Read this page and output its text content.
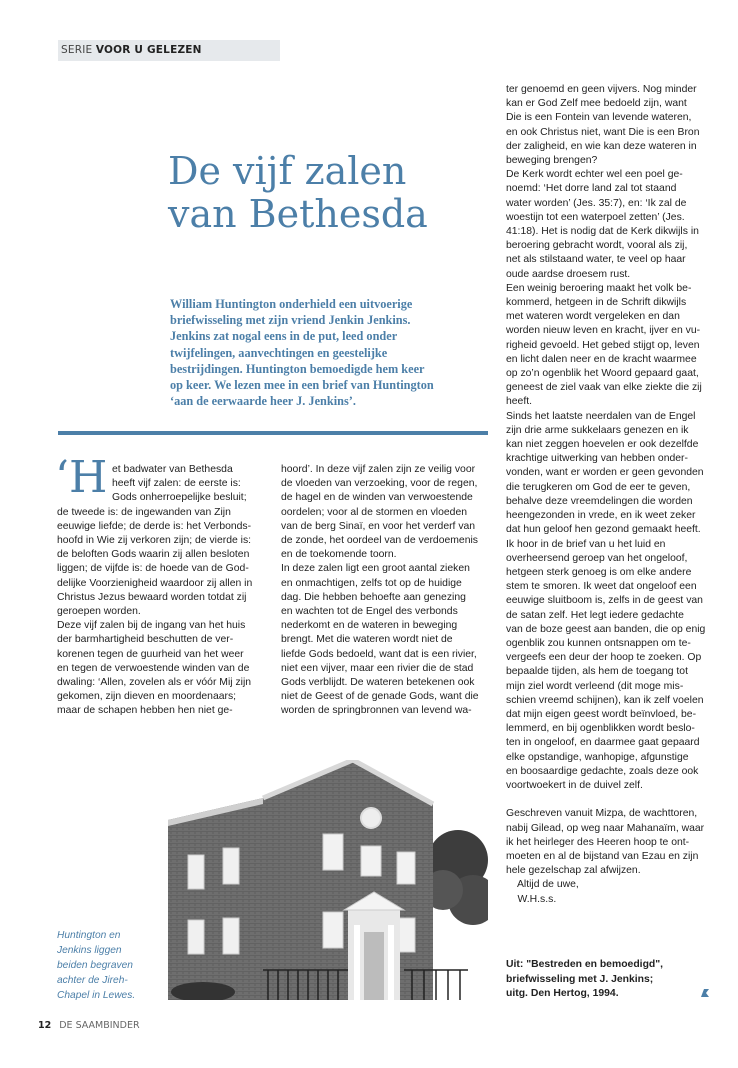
SERIE VOOR U GELEZEN
De vijf zalen
van Bethesda
William Huntington onderhield een uitvoerige
briefwisseling met zijn vriend Jenkin Jenkins.
Jenkins zat nogal eens in de put, leed onder
twijfelingen, aanvechtingen en geestelijke
bestrijdingen. Huntington bemoedigde hem keer
op keer. We lezen mee in een brief van Huntington
‘aan de eerwaarde heer J. Jenkins’.
‘H et badwater van Bethesda
heeft vijf zalen: de eerste is:
Gods onherroepelijke besluit;
de tweede is: de ingewanden van Zijn
eeuwige liefde; de derde is: het Verbonds-
hoofd in Wie zij verkoren zijn; de vierde is:
de beloften Gods waarin zij allen besloten
liggen; de vijfde is: de hoede van de God-
delijke Voorzienigheid waardoor zij allen in
Christus Jezus bewaard worden totdat zij
geroepen worden.
Deze vijf zalen bij de ingang van het huis
der barmhartigheid beschutten de ver-
korenen tegen de guurheid van het weer
en tegen de verwoestende winden van de
dwaling: ‘Allen, zovelen als er vóór Mij zijn
gekomen, zijn dieven en moordenaars;
maar de schapen hebben hen niet ge-
hoord’. In deze vijf zalen zijn ze veilig voor
de vloeden van verzoeking, voor de regen,
de hagel en de winden van verwoestende
oordelen; voor al de stormen en vloeden
van de berg Sinaï, en voor het verderf van
de zonde, het oordeel van de verdoemenis
en de toekomende toorn.
In deze zalen ligt een groot aantal zieken
en onmachtigen, zelfs tot op de huidige
dag. Die hebben behoefte aan genezing
en wachten tot de Engel des verbonds
nederkomt en de wateren in beweging
brengt. Met die wateren wordt niet de
liefde Gods bedoeld, want dat is een rivier,
niet een vijver, maar een rivier die de stad
Gods verblijdt. De wateren betekenen ook
niet de Geest of de genade Gods, want die
worden de springbronnen van levend wa-
ter genoemd en geen vijvers. Nog minder
kan er God Zelf mee bedoeld zijn, want
Die is een Fontein van levende wateren,
en ook Christus niet, want Die is een Bron
der zaligheid, en wie kan deze wateren in
beweging brengen?
De Kerk wordt echter wel een poel ge-
noemd: ‘Het dorre land zal tot staand
water worden’ (Jes. 35:7), en: ‘Ik zal de
woestijn tot een waterpoel zetten’ (Jes.
41:18). Het is nodig dat de Kerk dikwijls in
beroering gebracht wordt, vooral als zij,
net als stilstaand water, te veel op haar
oude aardse droesem rust.
Een weinig beroering maakt het volk be-
kommerd, hetgeen in de Schrift dikwijls
met wateren wordt vergeleken en dan
worden nieuw leven en kracht, ijver en vu-
righeid gevoeld. Het gebed stijgt op, leven
en licht dalen neer en de kracht waarmee
op zo’n ogenblik het Woord gepaard gaat,
geneest de ziel vaak van elke ziekte die zij
heeft.
Sinds het laatste neerdalen van de Engel
zijn drie arme sukkelaars genezen en ik
kan niet zeggen hoevelen er ook dezelfde
krachtige uitwerking van hebben onder-
vonden, want er worden er geen gevonden
die terugkeren om God de eer te geven,
behalve deze vreemdelingen die worden
heengezonden in vrede, en ik weet zeker
dat hun geloof hen gezond gemaakt heeft.
Ik hoor in de brief van u het luid en
overheersend geroep van het ongeloof,
hetgeen sterk genoeg is om elke andere
stem te smoren. Ik weet dat ongeloof een
eeuwige sluitboom is, zelfs in de geest van
de satan zelf. Het legt iedere gedachte
van de boze geest aan banden, die op enig
ogenblik zou kunnen ontsnappen om te-
vergeefs een deur der hoop te zoeken. Op
bepaalde tijden, als hem de toegang tot
mijn ziel wordt verleend (dit moge mis-
schien vreemd schijnen), kan ik zelf voelen
dat mijn eigen geest wordt beïnvloed, be-
lemmerd, en bij ogenblikken wordt beslo-
ten in ongeloof, en daarmee gaat gepaard
elke opstandige, wanhopige, afgunstige
en boosaardige gedachte, zoals deze ook
voortwoekert in de duivel zelf.
Geschreven vanuit Mizpa, de wachttoren,
nabij Gilead, op weg naar Mahanaïm, waar
ik het heirleger des Heeren hoop te ont-
moeten en al de bijstand van Ezau en zijn
hele gezelschap zal afwijzen.
Altijd de uwe,
W.H.s.s.
Huntington en
Jenkins liggen
beiden begraven
achter de Jireh-
Chapel in Lewes.
Uit: "Bestreden en bemoedigd",
briefwisseling met J. Jenkins;
uitg. Den Hertog, 1994.
12 DE SAAMBINDER
